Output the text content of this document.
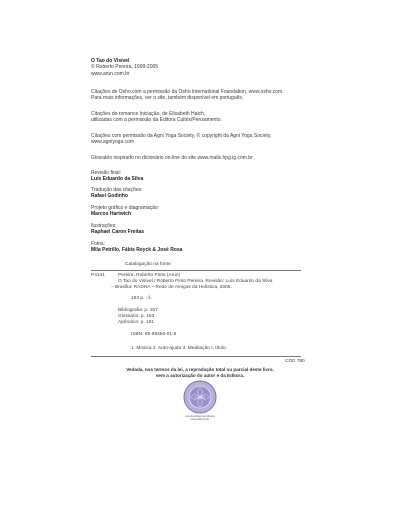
O Tao do Visível
© Roberto Pereira, 1999-2005
www.arun.com.br
Citações de Osho.com a permissão da Osho International Foundation, www.osho.com.
Para mais informações, ver o site, também disponível em português.
Citações do romance Iniciação, de Elisabeth Haich,
utilizadas com a permissão da Editora Cultrix/Pensamento.
Citações com permissão da Agni Yoga Society, © copyright da Agni Yoga Society,
www.agniyoga.com
Glossário inspirado no dicionário on-line do site www.malis.hpg.ig.com.br
Revisão final:
Luís Eduardo da Silva
Tradução das citações:
Rafael Godinho
Projeto gráfico e diagramação:
Marcos Hartwich
Ilustrações:
Raphael Caron Freitas
Fotos:
Mila Petrillo, Fábis Reyck & José Rosa
Catalogação na fonte
P4141	Pereira, Roberto Pinto (Arun)
O Tao do Visível / Roberto Pinto Pereira. Revisão: Luís Eduardo da Silva
– Brasília: RADHA – Rede de Amigos da Holística, 2005.
193 p. : il.
Bibliografia: p. 157
Glossário: p. 163
Apêndice: p. 191
ISBN: 85-98456-01-6
1. Mosica 2. Auto-ajuda 3. Meditação I. título
CDD 780
Vedada, nos termos da lei, a reprodução total ou parcial deste livro,
sem a autorização do autor e da Editora.
radha
rede de amigos da holística
www.radha.org.br
